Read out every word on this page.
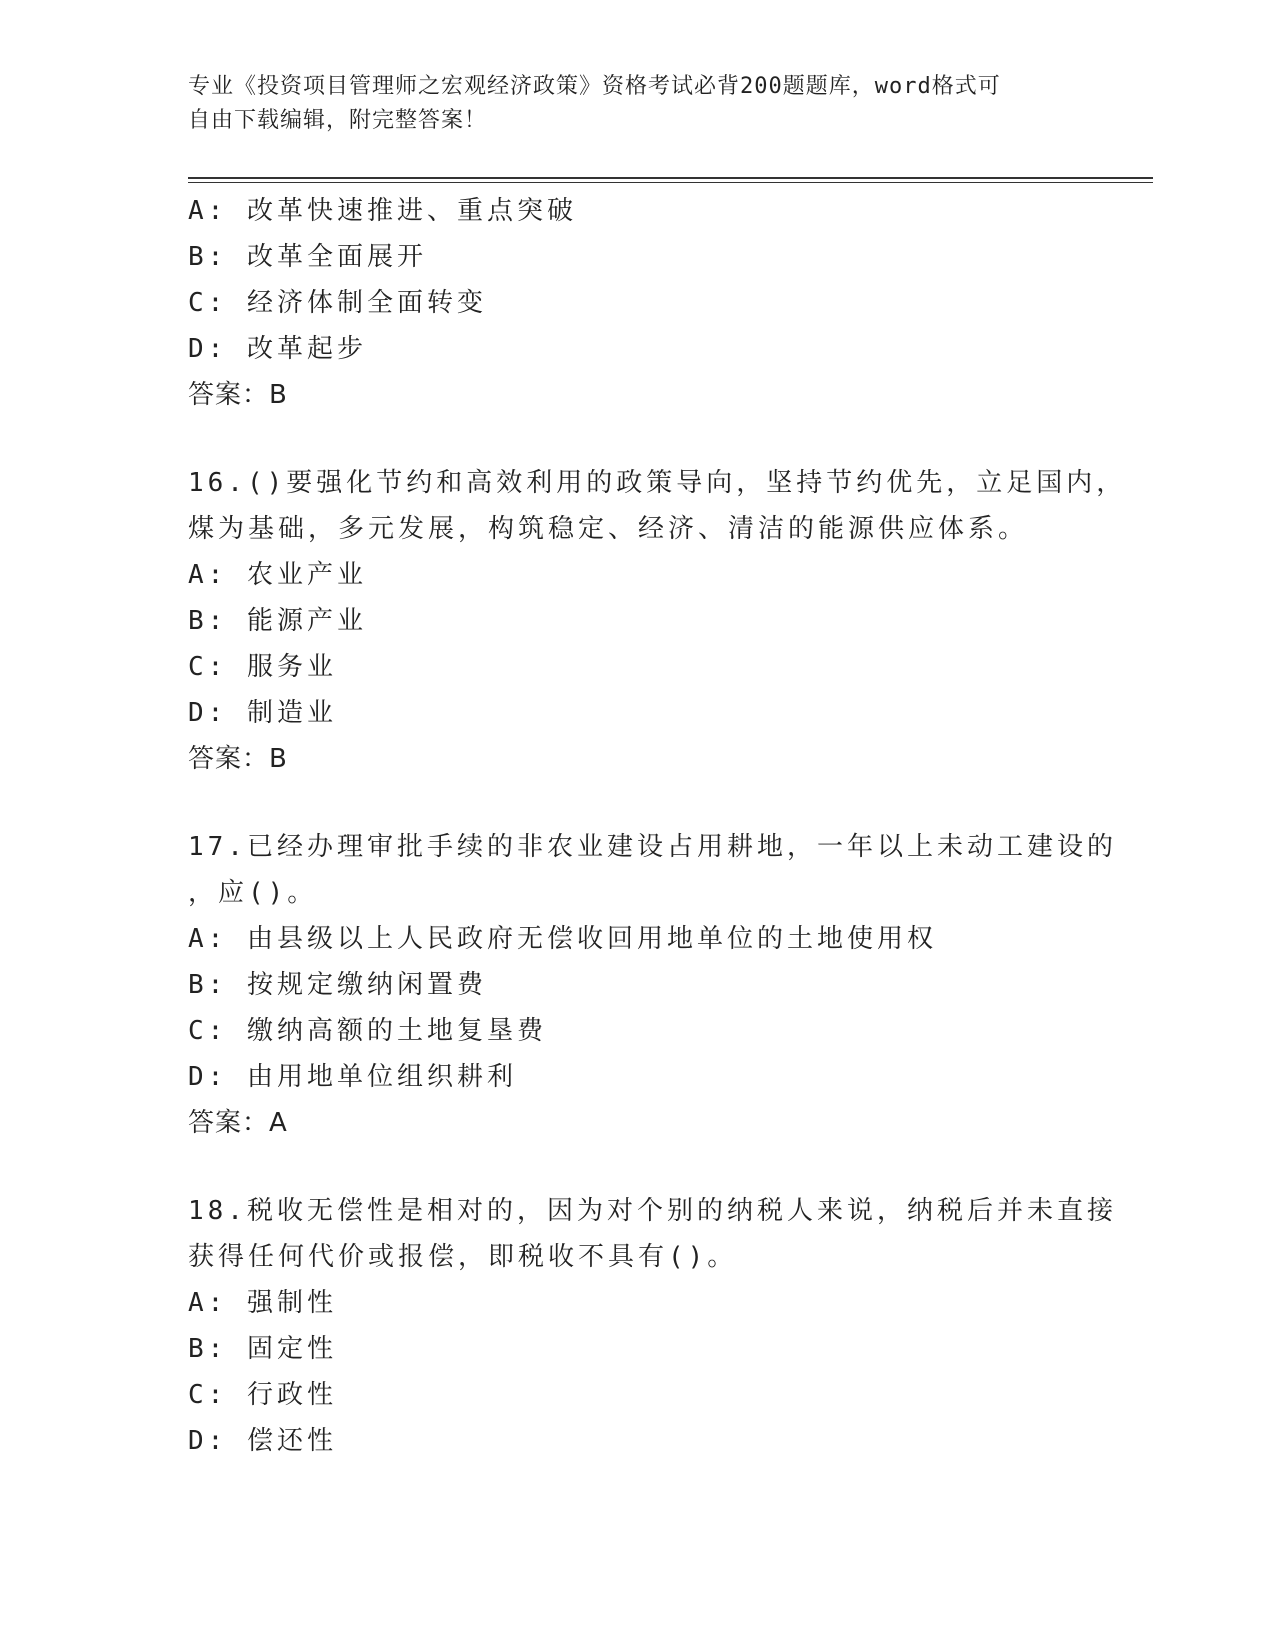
专业《投资项目管理师之宏观经济政策》资格考试必背200题题库，word格式可
自由下载编辑，附完整答案！
A: 改革快速推进、重点突破
B: 改革全面展开
C: 经济体制全面转变
D: 改革起步
答案：B
16.()要强化节约和高效利用的政策导向，坚持节约优先，立足国内，
煤为基础，多元发展，构筑稳定、经济、清洁的能源供应体系。
A: 农业产业
B: 能源产业
C: 服务业
D: 制造业
答案：B
17.已经办理审批手续的非农业建设占用耕地，一年以上未动工建设的
，应()。
A: 由县级以上人民政府无偿收回用地单位的土地使用权
B: 按规定缴纳闲置费
C: 缴纳高额的土地复垦费
D: 由用地单位组织耕利
答案：A
18.税收无偿性是相对的，因为对个别的纳税人来说，纳税后并未直接
获得任何代价或报偿，即税收不具有()。
A: 强制性
B: 固定性
C: 行政性
D: 偿还性
